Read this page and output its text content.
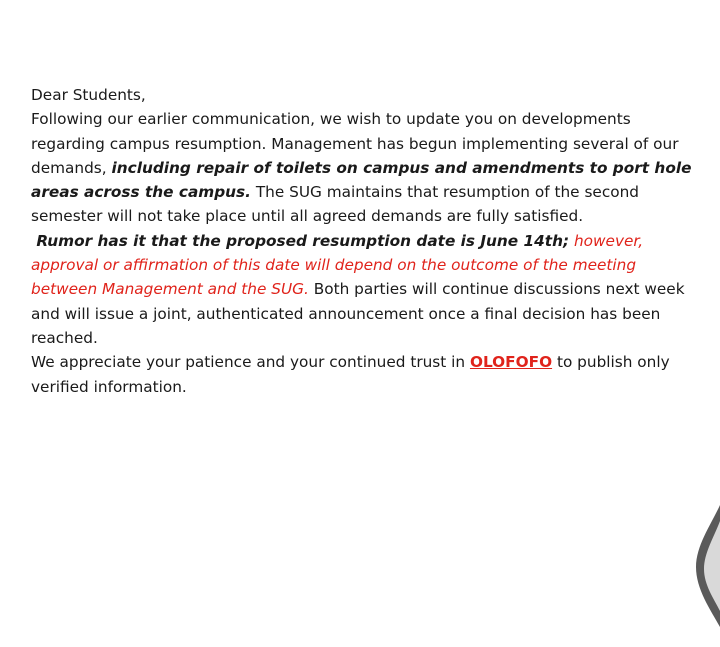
Dear Students,

Following our earlier communication, we wish to update you on developments regarding campus resumption. Management has begun implementing several of our demands, including repair of toilets on campus and amendments to port hole areas across the campus. The SUG maintains that resumption of the second semester will not take place until all agreed demands are fully satisfied.

Rumor has it that the proposed resumption date is June 14th; however, approval or affirmation of this date will depend on the outcome of the meeting between Management and the SUG. Both parties will continue discussions next week and will issue a joint, authenticated announcement once a final decision has been reached.

We appreciate your patience and your continued trust in OLOFOFO to publish only verified information.
